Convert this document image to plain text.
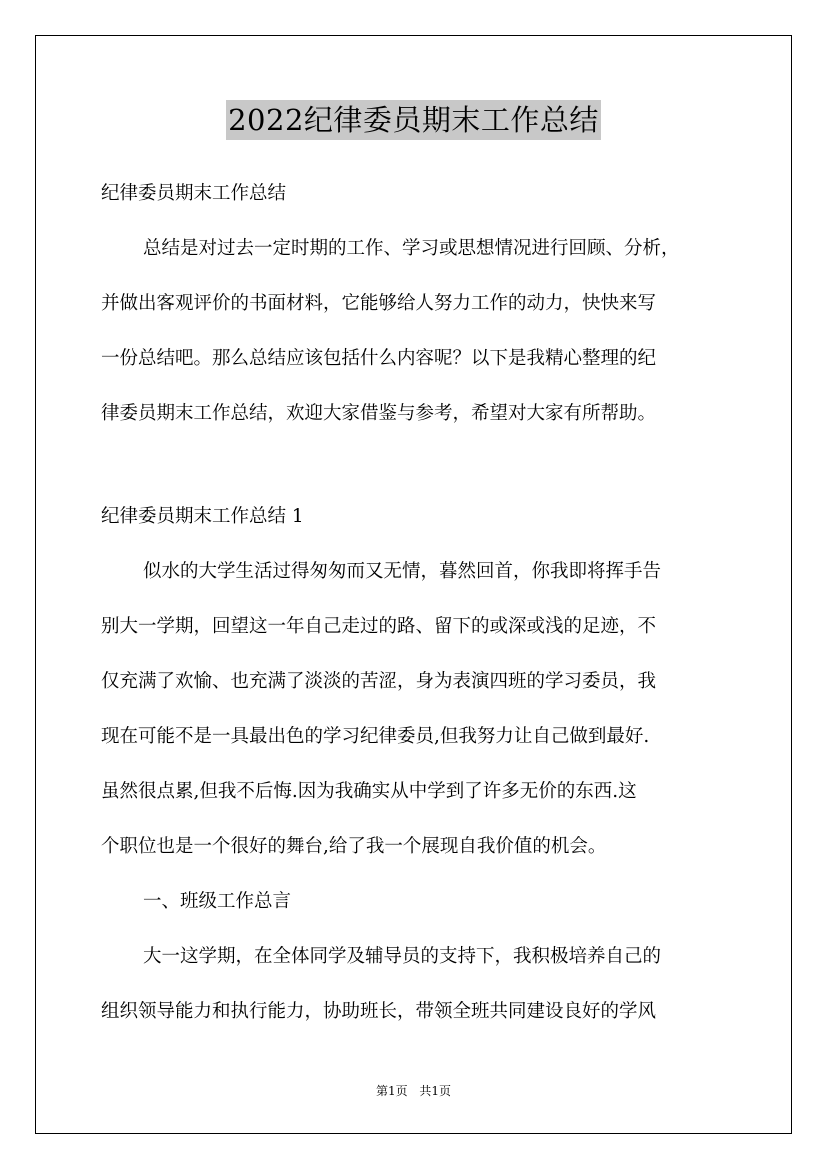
2022纪律委员期末工作总结
纪律委员期末工作总结
总结是对过去一定时期的工作、学习或思想情况进行回顾、分析，
并做出客观评价的书面材料，它能够给人努力工作的动力，快快来写
一份总结吧。那么总结应该包括什么内容呢？以下是我精心整理的纪
律委员期末工作总结，欢迎大家借鉴与参考，希望对大家有所帮助。
纪律委员期末工作总结 1
似水的大学生活过得匆匆而又无情，暮然回首，你我即将挥手告
别大一学期，回望这一年自己走过的路、留下的或深或浅的足迹，不
仅充满了欢愉、也充满了淡淡的苦涩，身为表演四班的学习委员，我
现在可能不是一具最出色的学习纪律委员,但我努力让自己做到最好.
虽然很点累,但我不后悔.因为我确实从中学到了许多无价的东西.这
个职位也是一个很好的舞台,给了我一个展现自我价值的机会。
一、班级工作总言
大一这学期，在全体同学及辅导员的支持下，我积极培养自己的
组织领导能力和执行能力，协助班长，带领全班共同建设良好的学风
第1页 共1页
